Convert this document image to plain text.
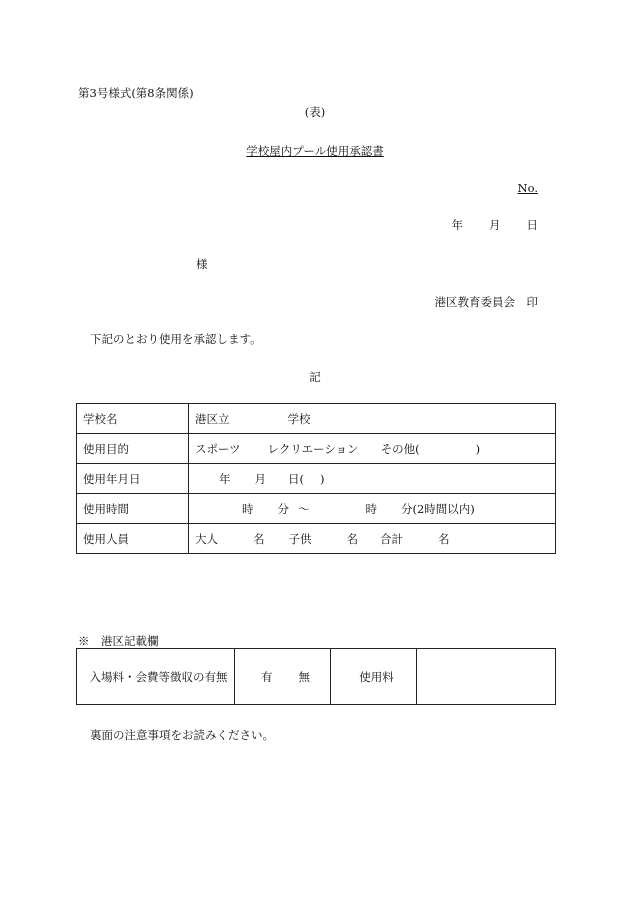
第3号様式(第8条関係)
(表)
学校屋内プール使用承認書
No.
年 月 日
様
港区教育委員会　印
下記のとおり使用を承認します。
記
学校名	港区立 学校
使用目的	スポーツ レクリエーション その他( )
使用年月日	年 月 日( )
使用時間	時 分 〜 時 分(2時間以内)
使用人員	大人 名 子供 名 合計 名
※　港区記載欄
入場料・会費等徴収の有無	有 無	使用料	
裏面の注意事項をお読みください。
